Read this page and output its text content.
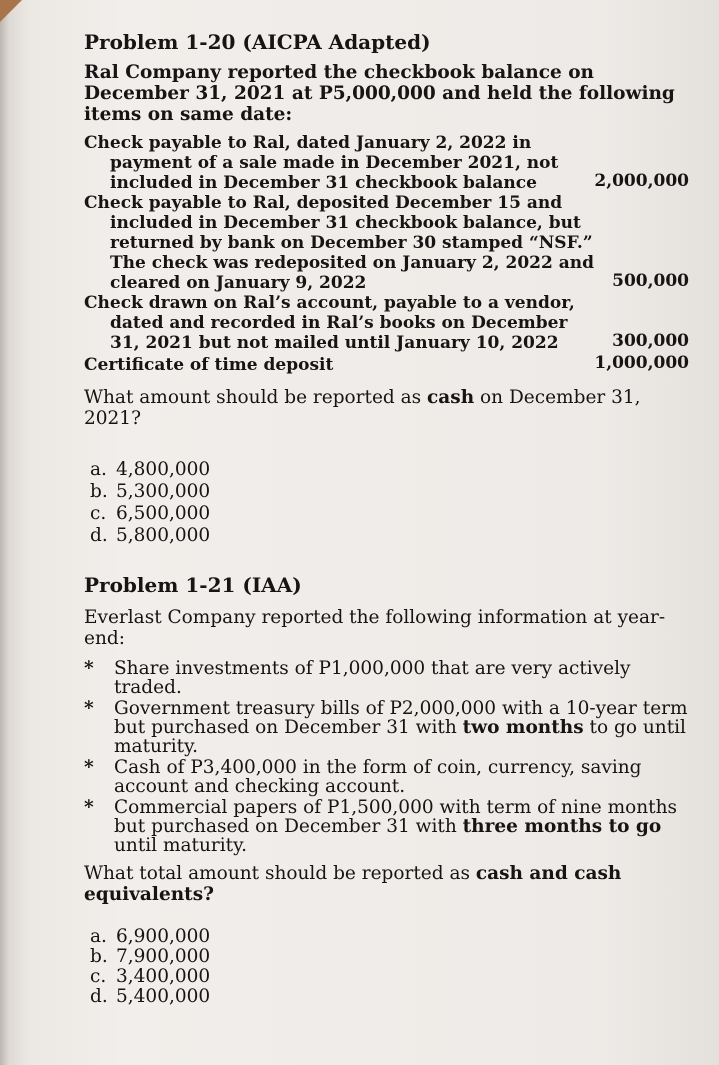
Problem 1-20 (AICPA Adapted)

Ral Company reported the checkbook balance on December 31, 2021 at P5,000,000 and held the following items on same date:

Check payable to Ral, dated January 2, 2022 in payment of a sale made in December 2021, not included in December 31 checkbook balance	2,000,000
Check payable to Ral, deposited December 15 and included in December 31 checkbook balance, but returned by bank on December 30 stamped “NSF.” The check was redeposited on January 2, 2022 and cleared on January 9, 2022	500,000
Check drawn on Ral’s account, payable to a vendor, dated and recorded in Ral’s books on December 31, 2021 but not mailed until January 10, 2022	300,000
Certificate of time deposit	1,000,000

What amount should be reported as cash on December 31, 2021?

a. 4,800,000
b. 5,300,000
c. 6,500,000
d. 5,800,000
Problem 1-21 (IAA)

Everlast Company reported the following information at year-end:

*	Share investments of P1,000,000 that are very actively traded.
*	Government treasury bills of P2,000,000 with a 10-year term but purchased on December 31 with two months to go until maturity.
*	Cash of P3,400,000 in the form of coin, currency, saving account and checking account.
*	Commercial papers of P1,500,000 with term of nine months but purchased on December 31 with three months to go until maturity.

What total amount should be reported as cash and cash equivalents?

a. 6,900,000
b. 7,900,000
c. 3,400,000
d. 5,400,000
